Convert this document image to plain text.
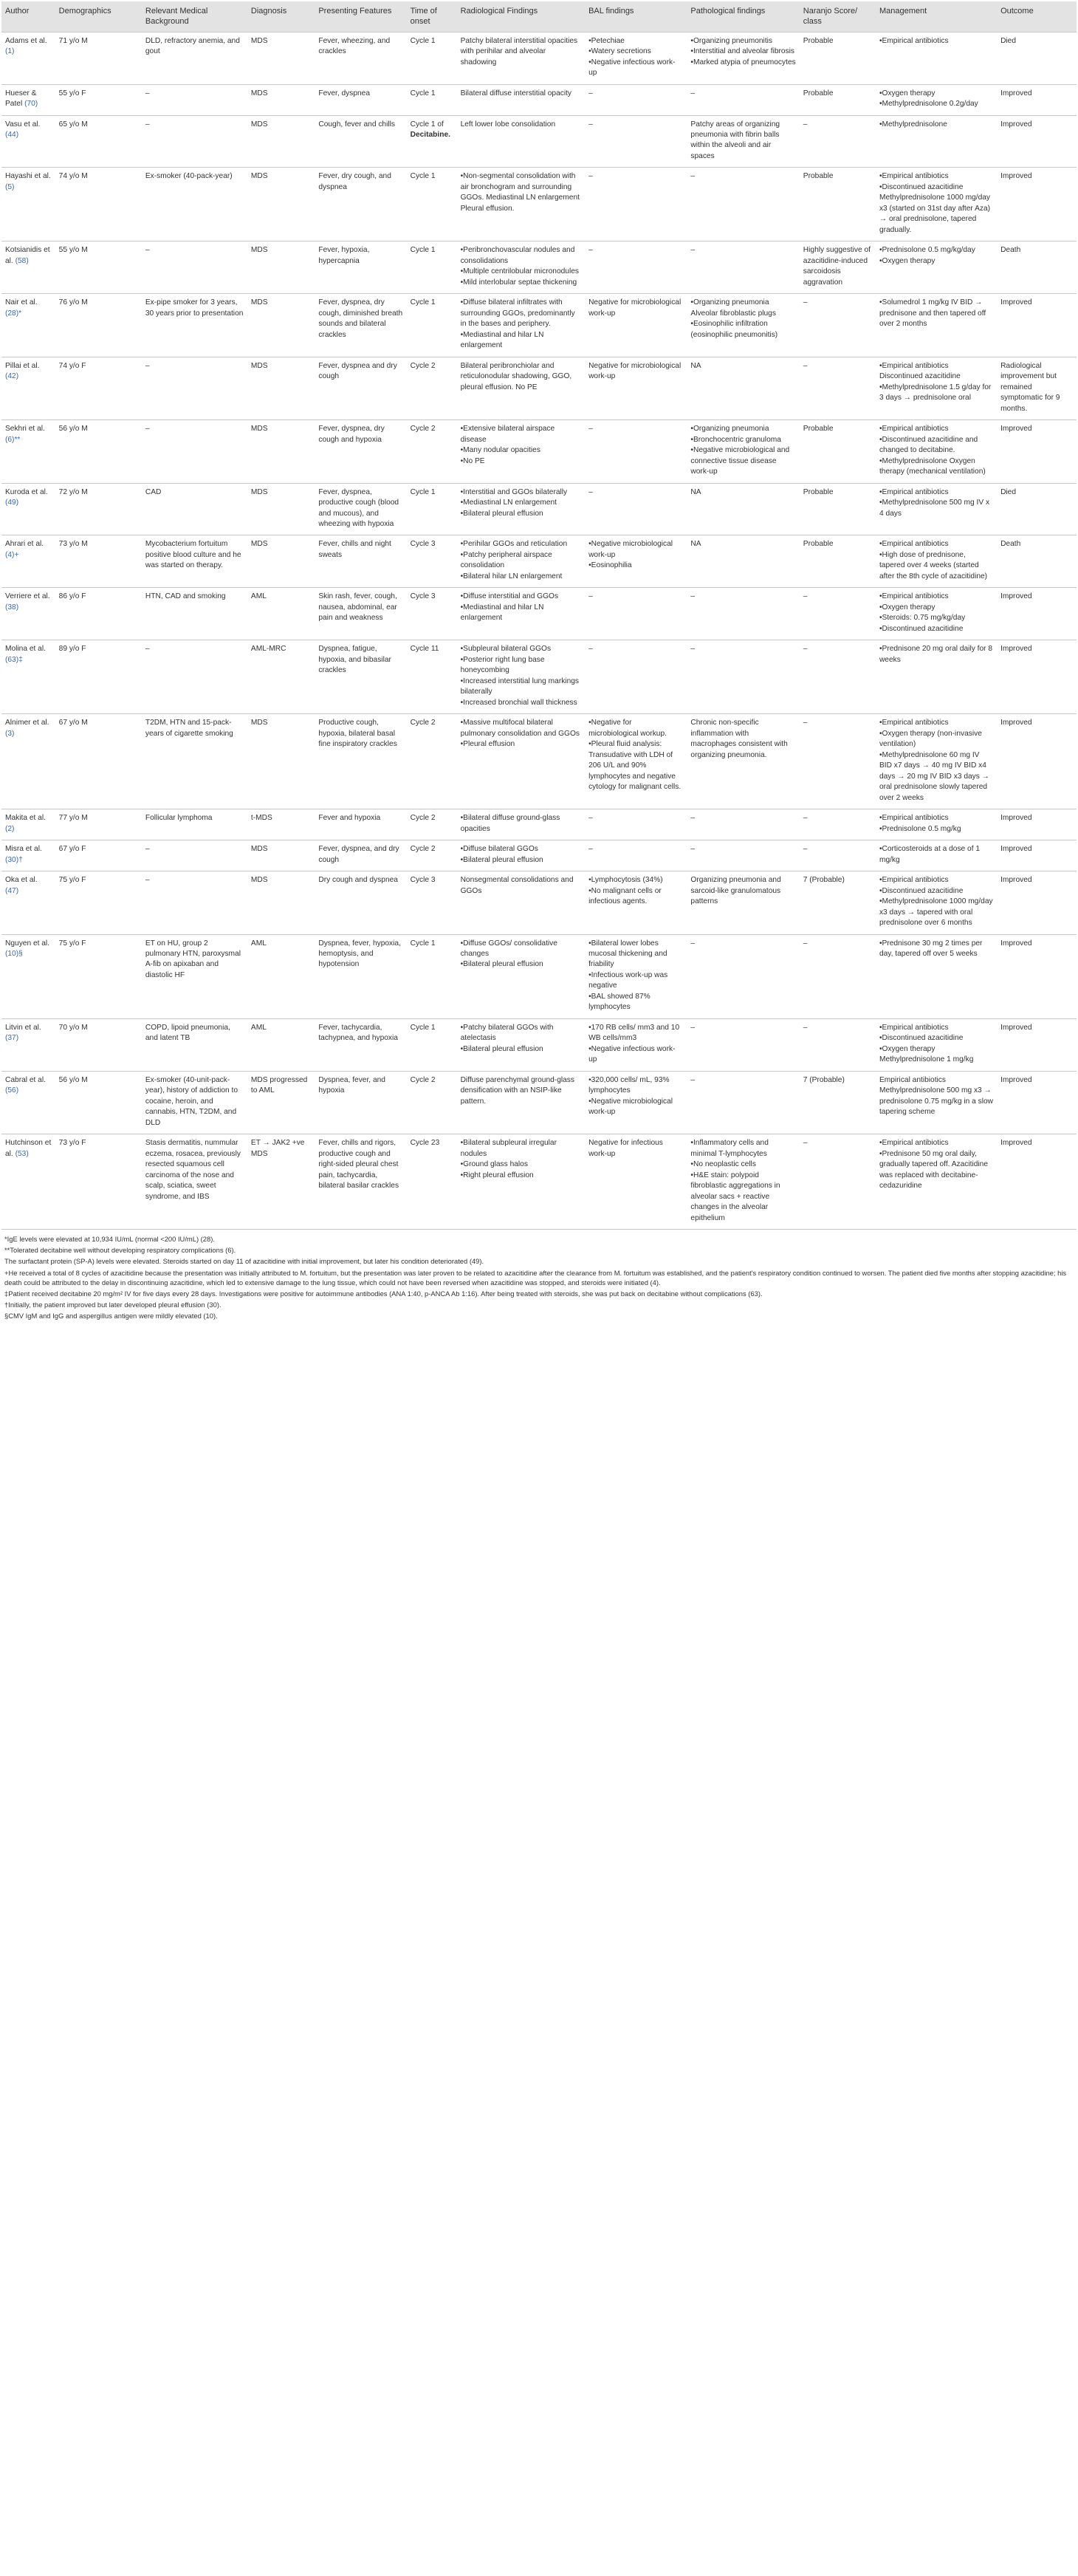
Author	Demographics	Relevant Medical Background	Diagnosis	Presenting Features	Time of onset	Radiological Findings	BAL findings	Pathological findings	Naranjo Score/ class	Management	Outcome
Adams et al. (1)	71 y/o M	DLD, refractory anemia, and gout	MDS	Fever, wheezing, and crackles	Cycle 1	Patchy bilateral interstitial opacities with perihilar and alveolar shadowing	•Petechiae
•Watery secretions
•Negative infectious work-up	•Organizing pneumonitis
•Interstitial and alveolar fibrosis
•Marked atypia of pneumocytes	Probable	•Empirical antibiotics	Died
Hueser & Patel (70)	55 y/o F	–	MDS	Fever, dyspnea	Cycle 1	Bilateral diffuse interstitial opacity	–	–	Probable	•Oxygen therapy
•Methylprednisolone 0.2g/day	Improved
Vasu et al. (44)	65 y/o M	–	MDS	Cough, fever and chills	Cycle 1 of Decitabine.	Left lower lobe consolidation	–	Patchy areas of organizing pneumonia with fibrin balls within the alveoli and air spaces	–	•Methylprednisolone	Improved
Hayashi et al. (5)	74 y/o M	Ex-smoker (40-pack-year)	MDS	Fever, dry cough, and dyspnea	Cycle 1	•Non-segmental consolidation with air bronchogram and surrounding GGOs. Mediastinal LN enlargement Pleural effusion.	–	–	Probable	•Empirical antibiotics
•Discontinued azacitidine Methylprednisolone 1000 mg/day x3 (started on 31st day after Aza) → oral prednisolone, tapered gradually.	Improved
Kotsianidis et al. (58)	55 y/o M	–	MDS	Fever, hypoxia, hypercapnia	Cycle 1	•Peribronchovascular nodules and consolidations
•Multiple centrilobular micronodules
•Mild interlobular septae thickening	–	–	Highly suggestive of azacitidine-induced sarcoidosis aggravation	•Prednisolone 0.5 mg/kg/day
•Oxygen therapy	Death
Nair et al. (28)*	76 y/o M	Ex-pipe smoker for 3 years, 30 years prior to presentation	MDS	Fever, dyspnea, dry cough, diminished breath sounds and bilateral crackles	Cycle 1	•Diffuse bilateral infiltrates with surrounding GGOs, predominantly in the bases and periphery.
•Mediastinal and hilar LN enlargement	Negative for microbiological work-up	•Organizing pneumonia Alveolar fibroblastic plugs
•Eosinophilic infiltration (eosinophilic pneumonitis)	–	•Solumedrol 1 mg/kg IV BID → prednisone and then tapered off over 2 months	Improved
Pillai et al. (42)	74 y/o F	–	MDS	Fever, dyspnea and dry cough	Cycle 2	Bilateral peribronchiolar and reticulonodular shadowing, GGO, pleural effusion. No PE	Negative for microbiological work-up	NA	–	•Empirical antibiotics Discontinued azacitidine
•Methylprednisolone 1.5 g/day for 3 days → prednisolone oral	Radiological improvement but remained symptomatic for 9 months.
Sekhri et al. (6)**	56 y/o M	–	MDS	Fever, dyspnea, dry cough and hypoxia	Cycle 2	•Extensive bilateral airspace disease
•Many nodular opacities
•No PE	–	•Organizing pneumonia
•Bronchocentric granuloma
•Negative microbiological and connective tissue disease work-up	Probable	•Empirical antibiotics
•Discontinued azacitidine and changed to decitabine.
•Methylprednisolone Oxygen therapy (mechanical ventilation)	Improved
Kuroda et al. (49)	72 y/o M	CAD	MDS	Fever, dyspnea, productive cough (blood and mucous), and wheezing with hypoxia	Cycle 1	•Interstitial and GGOs bilaterally
•Mediastinal LN enlargement
•Bilateral pleural effusion	–	NA	Probable	•Empirical antibiotics
•Methylprednisolone 500 mg IV x 4 days	Died
Ahrari et al. (4)+	73 y/o M	Mycobacterium fortuitum positive blood culture and he was started on therapy.	MDS	Fever, chills and night sweats	Cycle 3	•Perihilar GGOs and reticulation
•Patchy peripheral airspace consolidation
•Bilateral hilar LN enlargement	•Negative microbiological work-up
•Eosinophilia	NA	Probable	•Empirical antibiotics
•High dose of prednisone, tapered over 4 weeks (started after the 8th cycle of azacitidine)	Death
Verriere et al. (38)	86 y/o F	HTN, CAD and smoking	AML	Skin rash, fever, cough, nausea, abdominal, ear pain and weakness	Cycle 3	•Diffuse interstitial and GGOs
•Mediastinal and hilar LN enlargement	–	–	–	•Empirical antibiotics
•Oxygen therapy
•Steroids: 0.75 mg/kg/day
•Discontinued azacitidine	Improved
Molina et al. (63)‡	89 y/o F	–	AML-MRC	Dyspnea, fatigue, hypoxia, and bibasilar crackles	Cycle 11	•Subpleural bilateral GGOs
•Posterior right lung base honeycombing
•Increased interstitial lung markings bilaterally
•Increased bronchial wall thickness	–	–	–	•Prednisone 20 mg oral daily for 8 weeks	Improved
Alnimer et al. (3)	67 y/o M	T2DM, HTN and 15-pack-years of cigarette smoking	MDS	Productive cough, hypoxia, bilateral basal fine inspiratory crackles	Cycle 2	•Massive multifocal bilateral pulmonary consolidation and GGOs
•Pleural effusion	•Negative for microbiological workup.
•Pleural fluid analysis: Transudative with LDH of 206 U/L and 90% lymphocytes and negative cytology for malignant cells.	Chronic non-specific inflammation with macrophages consistent with organizing pneumonia.	–	•Empirical antibiotics
•Oxygen therapy (non-invasive ventilation)
•Methylprednisolone 60 mg IV BID x7 days → 40 mg IV BID x4 days → 20 mg IV BID x3 days → oral prednisolone slowly tapered over 2 weeks	Improved
Makita et al. (2)	77 y/o M	Follicular lymphoma	t-MDS	Fever and hypoxia	Cycle 2	•Bilateral diffuse ground-glass opacities	–	–	–	•Empirical antibiotics
•Prednisolone 0.5 mg/kg	Improved
Misra et al. (30)†	67 y/o F	–	MDS	Fever, dyspnea, and dry cough	Cycle 2	•Diffuse bilateral GGOs
•Bilateral pleural effusion	–	–	–	•Corticosteroids at a dose of 1 mg/kg	Improved
Oka et al. (47)	75 y/o F	–	MDS	Dry cough and dyspnea	Cycle 3	Nonsegmental consolidations and GGOs	•Lymphocytosis (34%)
•No malignant cells or infectious agents.	Organizing pneumonia and sarcoid-like granulomatous patterns	7 (Probable)	•Empirical antibiotics
•Discontinued azacitidine
•Methylprednisolone 1000 mg/day x3 days → tapered with oral prednisolone over 6 months	Improved
Nguyen et al. (10)§	75 y/o F	ET on HU, group 2 pulmonary HTN, paroxysmal A-fib on apixaban and diastolic HF	AML	Dyspnea, fever, hypoxia, hemoptysis, and hypotension	Cycle 1	•Diffuse GGOs/ consolidative changes
•Bilateral pleural effusion	•Bilateral lower lobes mucosal thickening and friability
•Infectious work-up was negative
•BAL showed 87% lymphocytes	–	–	•Prednisone 30 mg 2 times per day, tapered off over 5 weeks	Improved
Litvin et al. (37)	70 y/o M	COPD, lipoid pneumonia, and latent TB	AML	Fever, tachycardia, tachypnea, and hypoxia	Cycle 1	•Patchy bilateral GGOs with atelectasis
•Bilateral pleural effusion	•170 RB cells/ mm3 and 10 WB cells/mm3
•Negative infectious work-up	–	–	•Empirical antibiotics
•Discontinued azacitidine
•Oxygen therapy Methylprednisolone 1 mg/kg	Improved
Cabral et al. (56)	56 y/o M	Ex-smoker (40-unit-pack-year), history of addiction to cocaine, heroin, and cannabis, HTN, T2DM, and DLD	MDS progressed to AML	Dyspnea, fever, and hypoxia	Cycle 2	Diffuse parenchymal ground-glass densification with an NSIP-like pattern.	•320,000 cells/ mL, 93% lymphocytes
•Negative microbiological work-up	–	7 (Probable)	Empirical antibiotics Methylprednisolone 500 mg x3 → prednisolone 0.75 mg/kg in a slow tapering scheme	Improved
Hutchinson et al. (53)	73 y/o F	Stasis dermatitis, nummular eczema, rosacea, previously resected squamous cell carcinoma of the nose and scalp, sciatica, sweet syndrome, and IBS	ET → JAK2 +ve MDS	Fever, chills and rigors, productive cough and right-sided pleural chest pain, tachycardia, bilateral basilar crackles	Cycle 23	•Bilateral subpleural irregular nodules
•Ground glass halos
•Right pleural effusion	Negative for infectious work-up	•Inflammatory cells and minimal T-lymphocytes
•No neoplastic cells
•H&E stain: polypoid fibroblastic aggregations in alveolar sacs + reactive changes in the alveolar epithelium	–	•Empirical antibiotics
•Prednisone 50 mg oral daily, gradually tapered off. Azacitidine was replaced with decitabine-cedazuridine	Improved
*IgE levels were elevated at 10,934 IU/mL (normal <200 IU/mL) (28).
**Tolerated decitabine well without developing respiratory complications (6).
The surfactant protein (SP-A) levels were elevated. Steroids started on day 11 of azacitidine with initial improvement, but later his condition deteriorated (49).
+He received a total of 8 cycles of azacitidine because the presentation was initially attributed to M. fortuitum, but the presentation was later proven to be related to azacitidine after the clearance from M. fortuitum was established, and the patient's respiratory condition continued to worsen. The patient died five months after stopping azacitidine; his death could be attributed to the delay in discontinuing azacitidine, which led to extensive damage to the lung tissue, which could not have been reversed when azacitidine was stopped, and steroids were initiated (4).
‡Patient received decitabine 20 mg/m² IV for five days every 28 days. Investigations were positive for autoimmune antibodies (ANA 1:40, p-ANCA Ab 1:16). After being treated with steroids, she was put back on decitabine without complications (63).
†Initially, the patient improved but later developed pleural effusion (30).
§CMV IgM and IgG and aspergillus antigen were mildly elevated (10).
